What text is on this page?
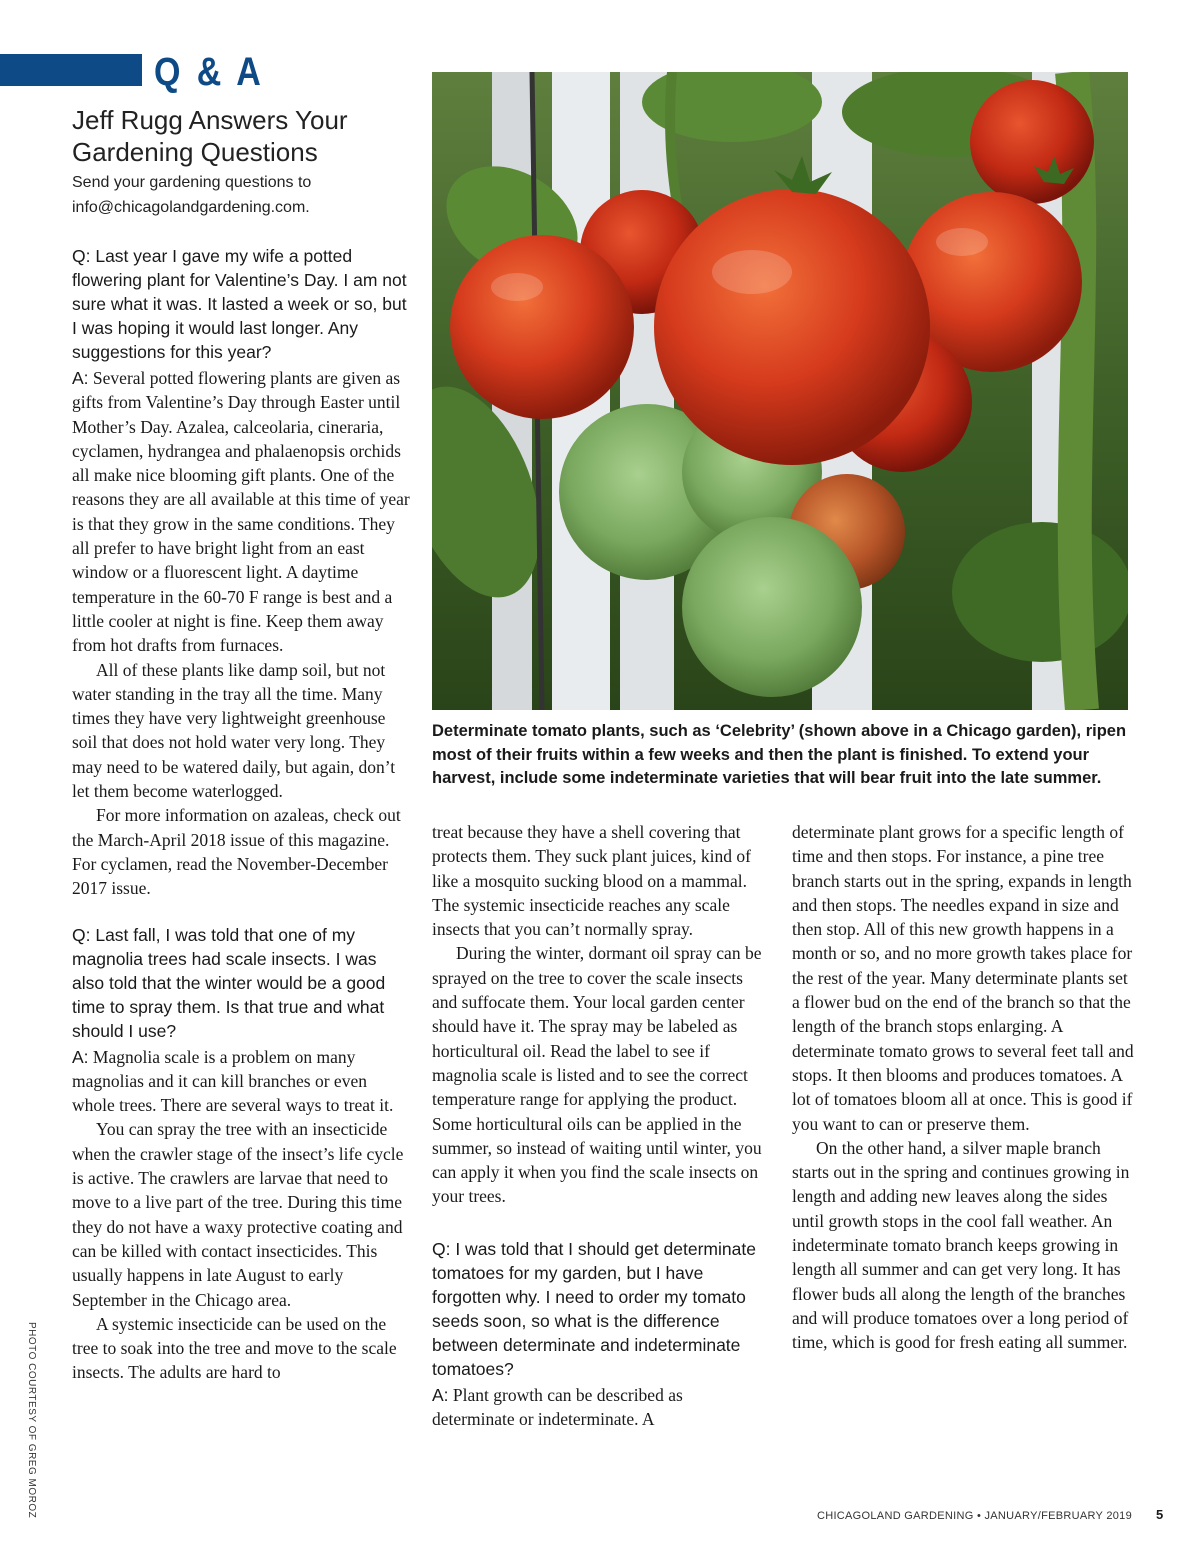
Q & A
Jeff Rugg Answers Your Gardening Questions
Send your gardening questions to info@chicagolandgardening.com.
Determinate tomato plants, such as ‘Celebrity’ (shown above in a Chicago garden), ripen most of their fruits within a few weeks and then the plant is finished. To extend your harvest, include some indeterminate varieties that will bear fruit into the late summer.
PHOTO COURTESY OF GREG MOROZ
Q: Last year I gave my wife a potted flowering plant for Valentine’s Day. I am not sure what it was. It lasted a week or so, but I was hoping it would last longer. Any suggestions for this year?
A: Several potted flowering plants are given as gifts from Valentine’s Day through Easter until Mother’s Day. Azalea, calceolaria, cineraria, cyclamen, hydrangea and phalaenopsis orchids all make nice blooming gift plants. One of the reasons they are all available at this time of year is that they grow in the same conditions. They all prefer to have bright light from an east window or a fluorescent light. A daytime temperature in the 60-70 F range is best and a little cooler at night is fine. Keep them away from hot drafts from furnaces.
All of these plants like damp soil, but not water standing in the tray all the time. Many times they have very lightweight greenhouse soil that does not hold water very long. They may need to be watered daily, but again, don’t let them become waterlogged.
For more information on azaleas, check out the March-April 2018 issue of this magazine. For cyclamen, read the November-December 2017 issue.
Q: Last fall, I was told that one of my magnolia trees had scale insects. I was also told that the winter would be a good time to spray them. Is that true and what should I use?
A: Magnolia scale is a problem on many magnolias and it can kill branches or even whole trees. There are several ways to treat it.
You can spray the tree with an insecticide when the crawler stage of the insect’s life cycle is active. The crawlers are larvae that need to move to a live part of the tree. During this time they do not have a waxy protective coating and can be killed with contact insecticides. This usually happens in late August to early September in the Chicago area.
A systemic insecticide can be used on the tree to soak into the tree and move to the scale insects. The adults are hard to
treat because they have a shell covering that protects them. They suck plant juices, kind of like a mosquito sucking blood on a mammal. The systemic insecticide reaches any scale insects that you can’t normally spray.
During the winter, dormant oil spray can be sprayed on the tree to cover the scale insects and suffocate them. Your local garden center should have it. The spray may be labeled as horticultural oil. Read the label to see if magnolia scale is listed and to see the correct temperature range for applying the product. Some horticultural oils can be applied in the summer, so instead of waiting until winter, you can apply it when you find the scale insects on your trees.
Q: I was told that I should get determinate tomatoes for my garden, but I have forgotten why. I need to order my tomato seeds soon, so what is the difference between determinate and indeterminate tomatoes?
A: Plant growth can be described as determinate or indeterminate. A
determinate plant grows for a specific length of time and then stops. For instance, a pine tree branch starts out in the spring, expands in length and then stops. The needles expand in size and then stop. All of this new growth happens in a month or so, and no more growth takes place for the rest of the year. Many determinate plants set a flower bud on the end of the branch so that the length of the branch stops enlarging. A determinate tomato grows to several feet tall and stops. It then blooms and produces tomatoes. A lot of tomatoes bloom all at once. This is good if you want to can or preserve them.
On the other hand, a silver maple branch starts out in the spring and continues growing in length and adding new leaves along the sides until growth stops in the cool fall weather. An indeterminate tomato branch keeps growing in length all summer and can get very long. It has flower buds all along the length of the branches and will produce tomatoes over a long period of time, which is good for fresh eating all summer.
CHICAGOLAND GARDENING • JANUARY/FEBRUARY 2019 5
